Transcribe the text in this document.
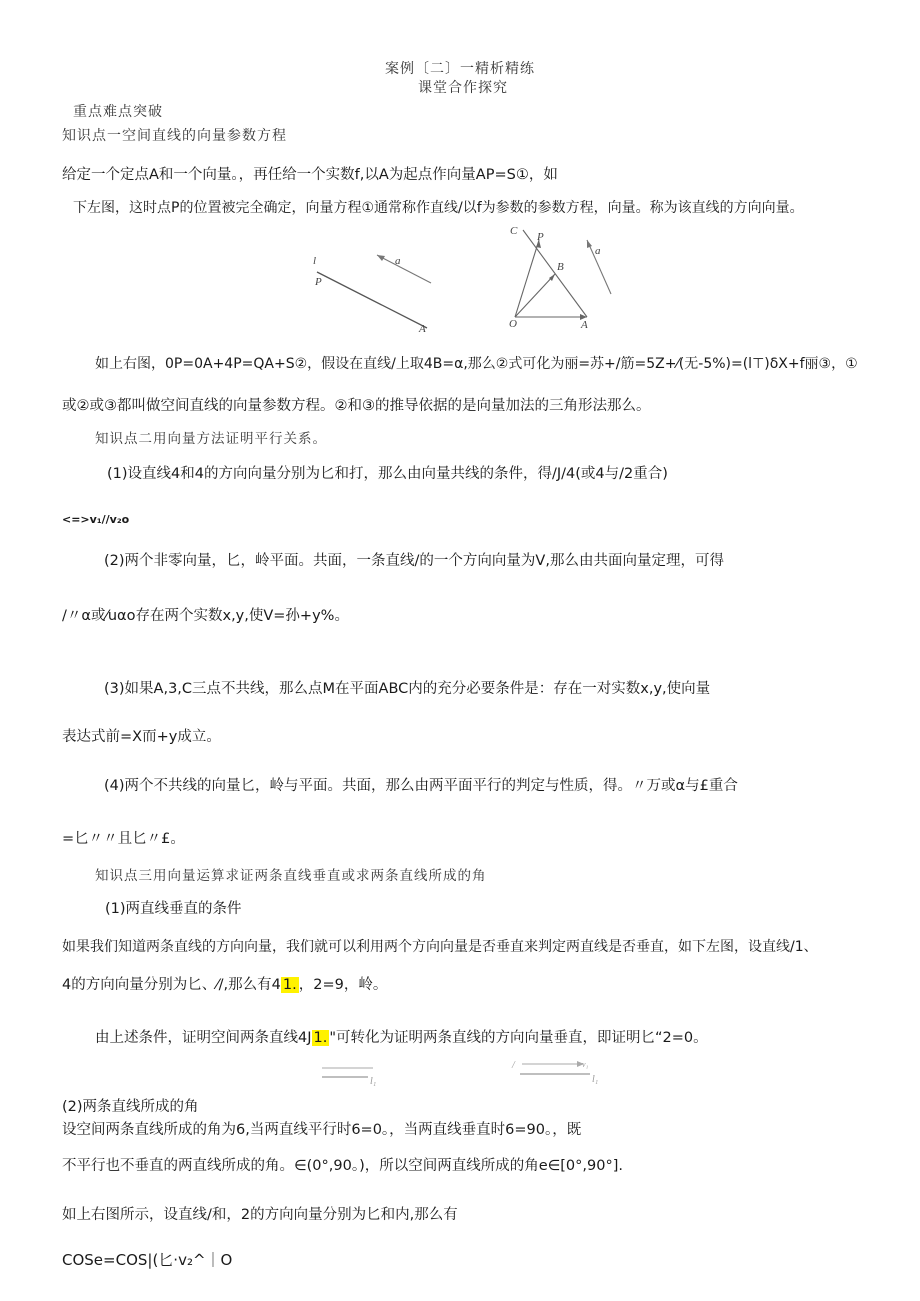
案例〔二〕一精析精练
课堂合作探究
重点难点突破
知识点一空间直线的向量参数方程
给定一个定点A和一个向量。，再任给一个实数f,以A为起点作向量AP=S①，如
下左图，这时点P的位置被完全确定，向量方程①通常称作直线/以f为参数的参数方程，向量。称为该直线的方向向量。
l	a
P
A
C P
B
O	A
a
如上右图，0P=0A+4P=QA+S②，假设在直线/上取4B=α,那么②式可化为丽=苏+/筋=5Z+⁄(无-5%)=(l⊤)δX+f丽③，①
或②或③都叫做空间直线的向量参数方程。②和③的推导依据的是向量加法的三角形法那么。
知识点二用向量方法证明平行关系。
(1)设直线4和4的方向向量分别为匕和打，那么由向量共线的条件，得/J/4(或4与/2重合)
<=>v₁//v₂o
(2)两个非零向量，匕，岭平面。共面，一条直线/的一个方向向量为V,那么由共面向量定理，可得
/〃α或⁄uαo存在两个实数x,y,使V=孙+y%。
(3)如果A,3,C三点不共线，那么点M在平面ABC内的充分必要条件是：存在一对实数x,y,使向量
表达式前=X而+y成立。
(4)两个不共线的向量匕，岭与平面。共面，那么由两平面平行的判定与性质，得。〃万或α与£重合
=匕〃〃且匕〃£。
知识点三用向量运算求证两条直线垂直或求两条直线所成的角
(1)两直线垂直的条件
如果我们知道两条直线的方向向量，我们就可以利用两个方向向量是否垂直来判定两直线是否垂直，如下左图，设直线/1、
4的方向向量分别为匕、⁄/,那么有4 1. ，2=9，岭。
由上述条件，证明空间两条直线4J 1. "可转化为证明两条直线的方向向量垂直，即证明匕“2=0。
l₁
/	v₁
l₁
(2)两条直线所成的角
设空间两条直线所成的角为6,当两直线平行时6=0。，当两直线垂直时6=90。，既
不平行也不垂直的两直线所成的角。∈(0°,90。)，所以空间两直线所成的角e∈[0°,90°].
如上右图所示，设直线/和，2的方向向量分别为匕和内,那么有
COSe=COS|(匕·v₂^｜O
